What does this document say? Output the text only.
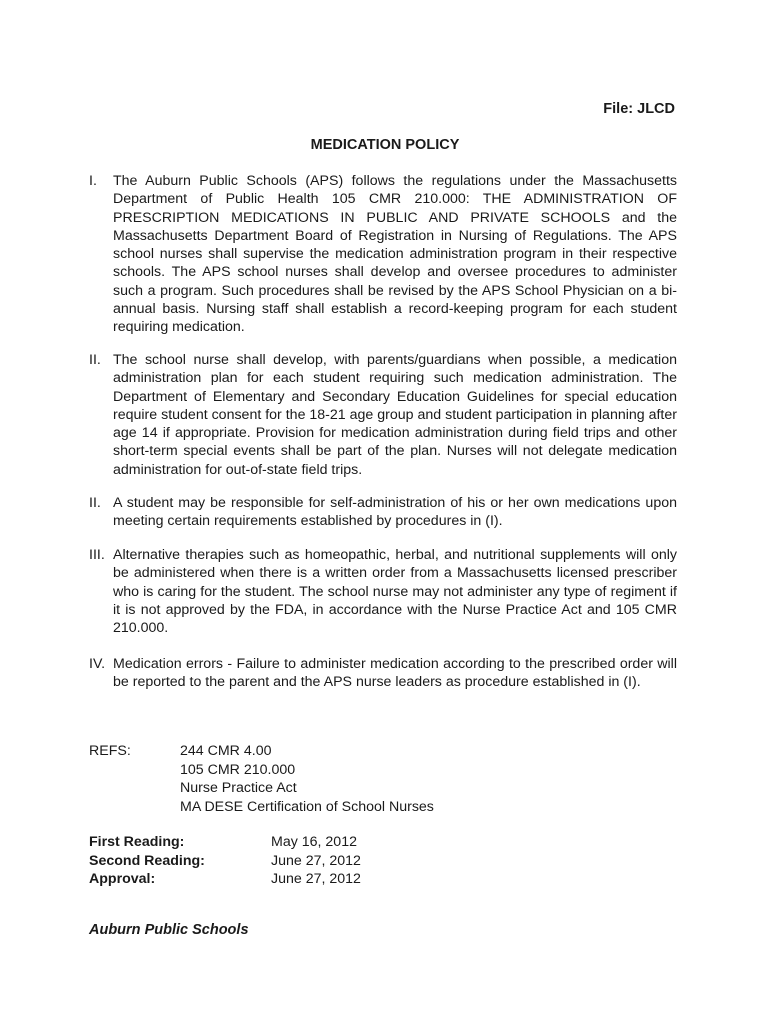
File: JLCD
MEDICATION POLICY
I.	The Auburn Public Schools (APS) follows the regulations under the Massachusetts Department of Public Health 105 CMR 210.000: THE ADMINISTRATION OF PRESCRIPTION MEDICATIONS IN PUBLIC AND PRIVATE SCHOOLS and the Massachusetts Department Board of Registration in Nursing of Regulations. The APS school nurses shall supervise the medication administration program in their respective schools. The APS school nurses shall develop and oversee procedures to administer such a program. Such procedures shall be revised by the APS School Physician on a bi-annual basis. Nursing staff shall establish a record-keeping program for each student requiring medication.
II. The school nurse shall develop, with parents/guardians when possible, a medication administration plan for each student requiring such medication administration. The Department of Elementary and Secondary Education Guidelines for special education require student consent for the 18-21 age group and student participation in planning after age 14 if appropriate. Provision for medication administration during field trips and other short-term special events shall be part of the plan. Nurses will not delegate medication administration for out-of-state field trips.
II. A student may be responsible for self-administration of his or her own medications upon meeting certain requirements established by procedures in (I).
III. Alternative therapies such as homeopathic, herbal, and nutritional supplements will only be administered when there is a written order from a Massachusetts licensed prescriber who is caring for the student. The school nurse may not administer any type of regiment if it is not approved by the FDA, in accordance with the Nurse Practice Act and 105 CMR 210.000.
IV. Medication errors - Failure to administer medication according to the prescribed order will be reported to the parent and the APS nurse leaders as procedure established in (I).
REFS:	244 CMR 4.00
105 CMR 210.000
Nurse Practice Act
MA DESE Certification of School Nurses
First Reading:	May 16, 2012
Second Reading:	June 27, 2012
Approval:	June 27, 2012
Auburn Public Schools
